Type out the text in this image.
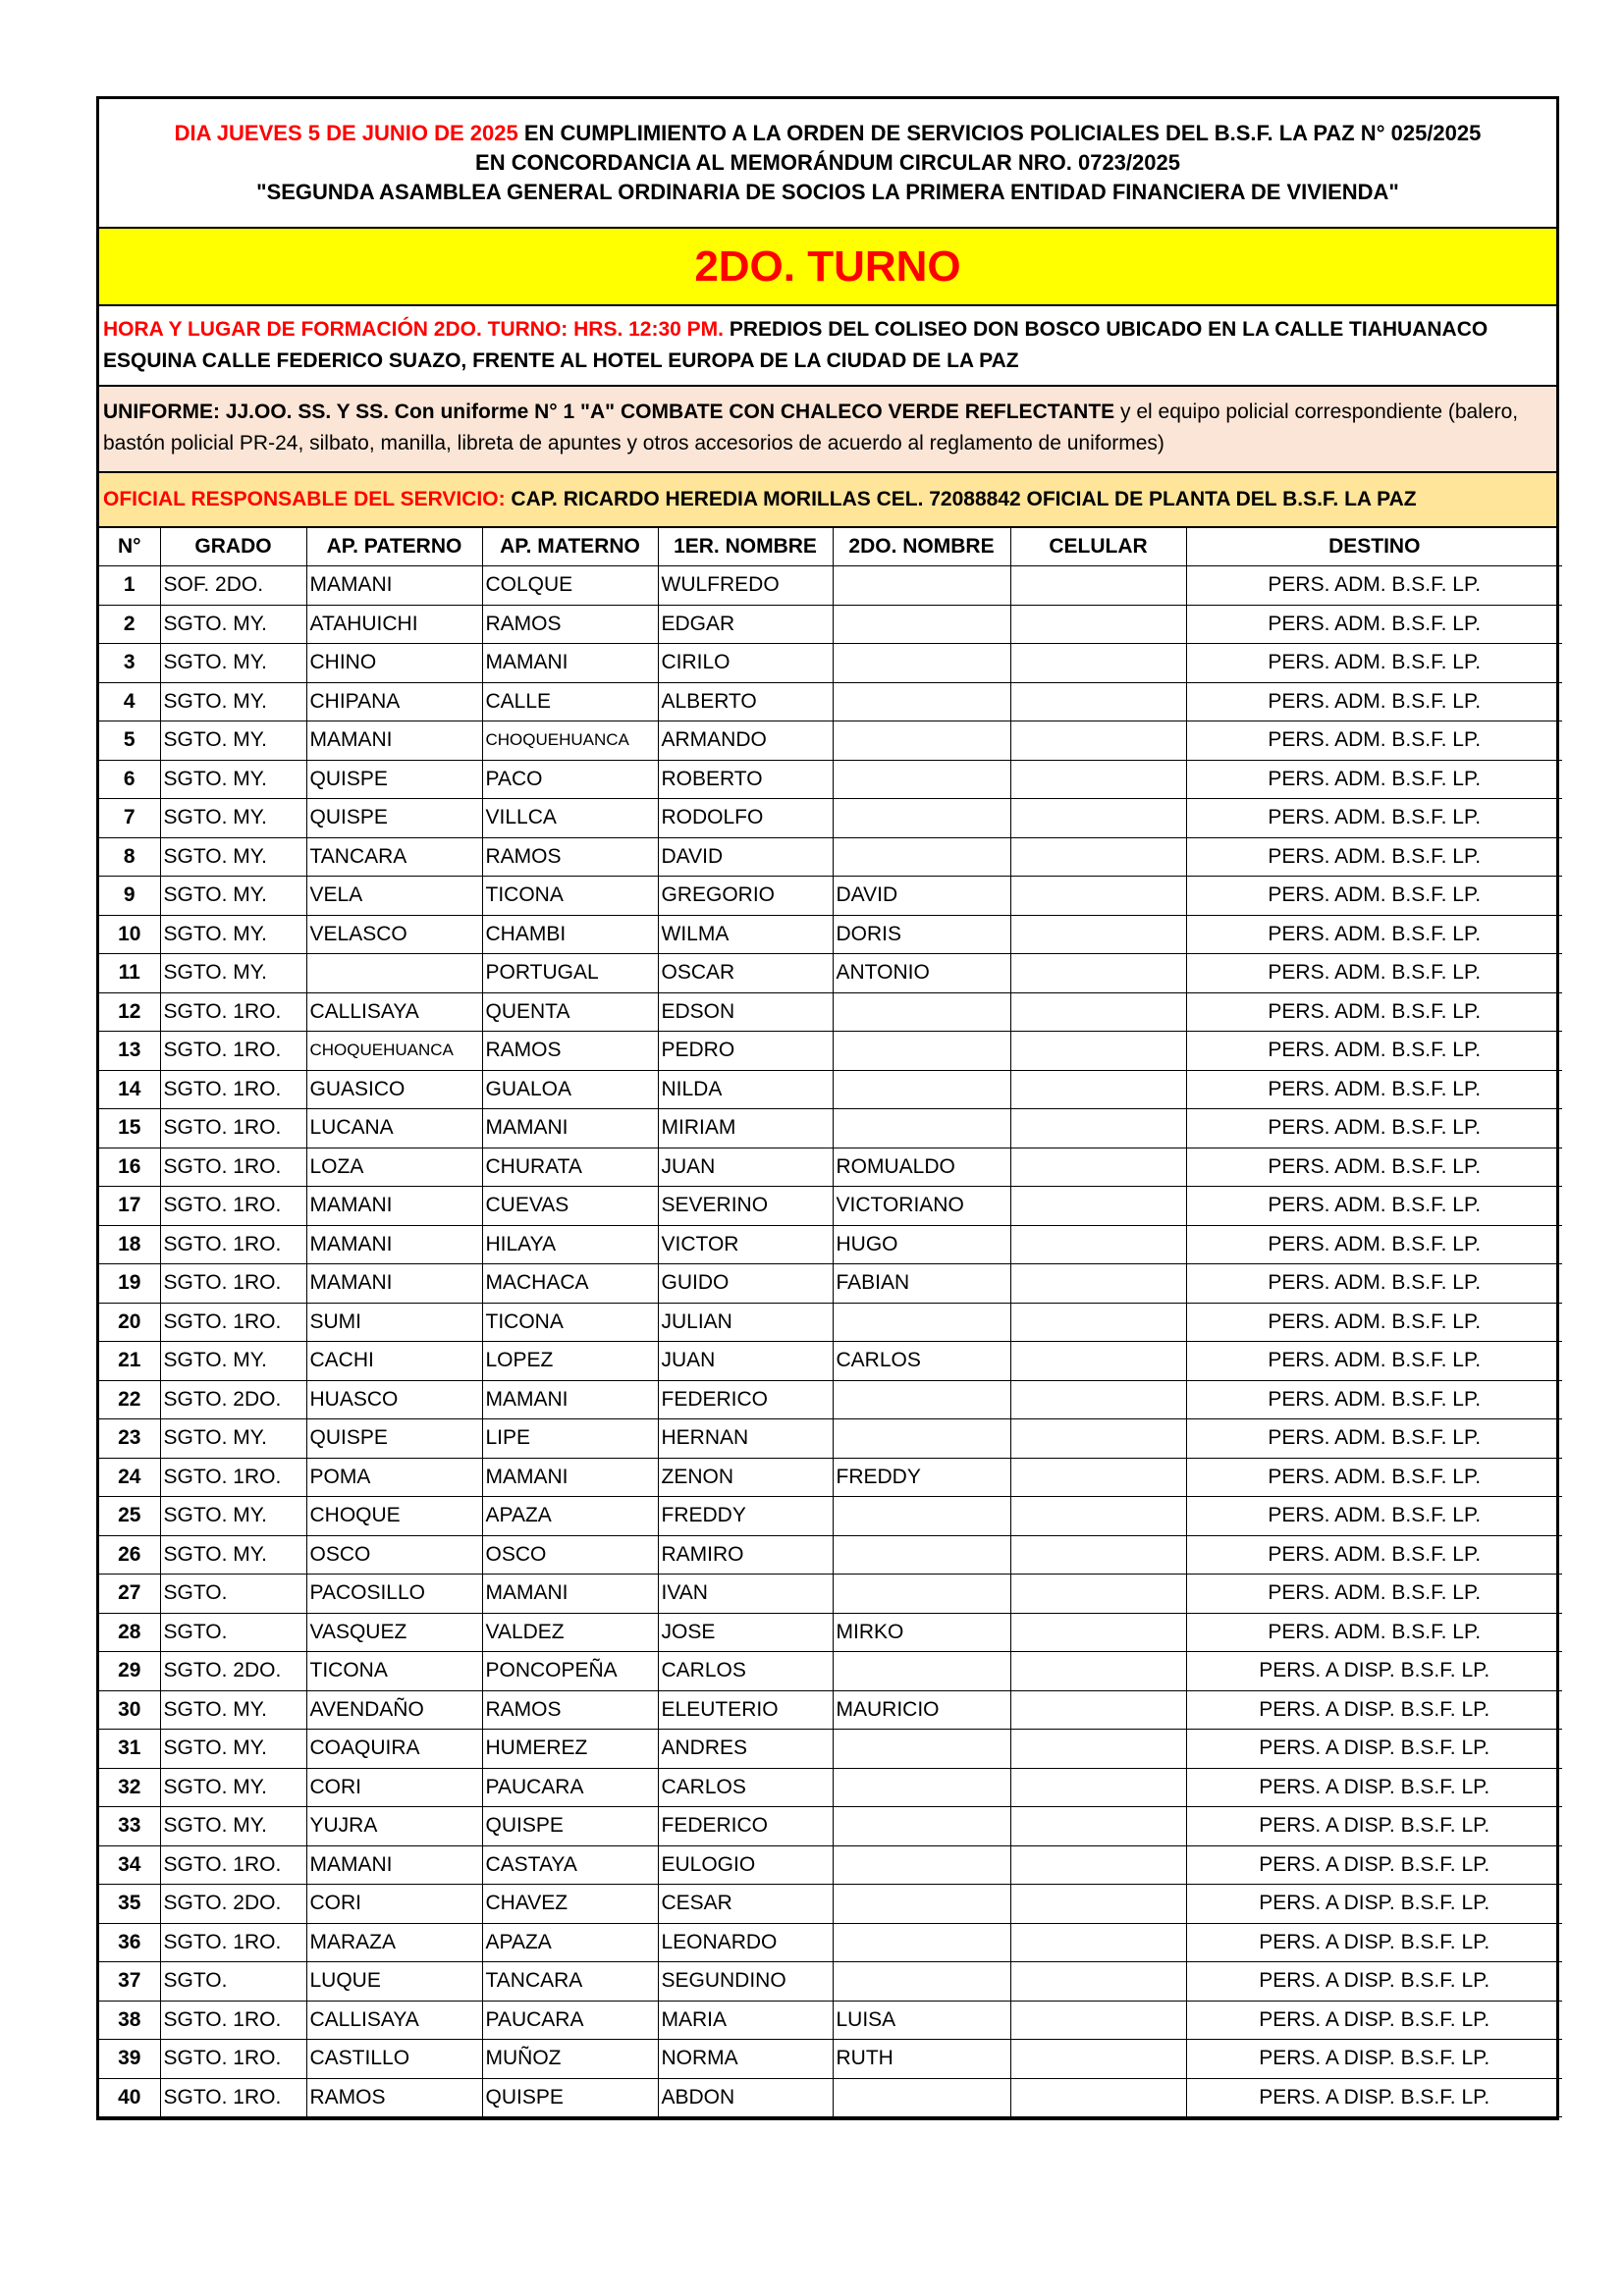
DIA JUEVES 5 DE JUNIO DE 2025 EN CUMPLIMIENTO A LA ORDEN DE SERVICIOS POLICIALES DEL B.S.F. LA PAZ N° 025/2025
EN CONCORDANCIA AL MEMORÁNDUM CIRCULAR NRO. 0723/2025
"SEGUNDA ASAMBLEA GENERAL ORDINARIA DE SOCIOS LA PRIMERA ENTIDAD FINANCIERA DE VIVIENDA"
2DO. TURNO
HORA Y LUGAR DE FORMACIÓN 2DO. TURNO: HRS. 12:30 PM. PREDIOS DEL COLISEO DON BOSCO UBICADO EN LA CALLE TIAHUANACO ESQUINA CALLE FEDERICO SUAZO, FRENTE AL HOTEL EUROPA DE LA CIUDAD DE LA PAZ
UNIFORME: JJ.OO. SS. Y SS. Con uniforme N° 1 "A" COMBATE CON CHALECO VERDE REFLECTANTE y el equipo policial correspondiente (balero, bastón policial PR-24, silbato, manilla, libreta de apuntes y otros accesorios de acuerdo al reglamento de uniformes)
OFICIAL RESPONSABLE DEL SERVICIO: CAP. RICARDO HEREDIA MORILLAS CEL. 72088842 OFICIAL DE PLANTA DEL B.S.F. LA PAZ
N°	GRADO	AP. PATERNO	AP. MATERNO	1ER. NOMBRE	2DO. NOMBRE	CELULAR	DESTINO
1	SOF. 2DO.	MAMANI	COLQUE	WULFREDO			PERS. ADM. B.S.F. LP.
2	SGTO. MY.	ATAHUICHI	RAMOS	EDGAR			PERS. ADM. B.S.F. LP.
3	SGTO. MY.	CHINO	MAMANI	CIRILO			PERS. ADM. B.S.F. LP.
4	SGTO. MY.	CHIPANA	CALLE	ALBERTO			PERS. ADM. B.S.F. LP.
5	SGTO. MY.	MAMANI	CHOQUEHUANCA	ARMANDO			PERS. ADM. B.S.F. LP.
6	SGTO. MY.	QUISPE	PACO	ROBERTO			PERS. ADM. B.S.F. LP.
7	SGTO. MY.	QUISPE	VILLCA	RODOLFO			PERS. ADM. B.S.F. LP.
8	SGTO. MY.	TANCARA	RAMOS	DAVID			PERS. ADM. B.S.F. LP.
9	SGTO. MY.	VELA	TICONA	GREGORIO	DAVID		PERS. ADM. B.S.F. LP.
10	SGTO. MY.	VELASCO	CHAMBI	WILMA	DORIS		PERS. ADM. B.S.F. LP.
11	SGTO. MY.		PORTUGAL	OSCAR	ANTONIO		PERS. ADM. B.S.F. LP.
12	SGTO. 1RO.	CALLISAYA	QUENTA	EDSON			PERS. ADM. B.S.F. LP.
13	SGTO. 1RO.	CHOQUEHUANCA	RAMOS	PEDRO			PERS. ADM. B.S.F. LP.
14	SGTO. 1RO.	GUASICO	GUALOA	NILDA			PERS. ADM. B.S.F. LP.
15	SGTO. 1RO.	LUCANA	MAMANI	MIRIAM			PERS. ADM. B.S.F. LP.
16	SGTO. 1RO.	LOZA	CHURATA	JUAN	ROMUALDO		PERS. ADM. B.S.F. LP.
17	SGTO. 1RO.	MAMANI	CUEVAS	SEVERINO	VICTORIANO		PERS. ADM. B.S.F. LP.
18	SGTO. 1RO.	MAMANI	HILAYA	VICTOR	HUGO		PERS. ADM. B.S.F. LP.
19	SGTO. 1RO.	MAMANI	MACHACA	GUIDO	FABIAN		PERS. ADM. B.S.F. LP.
20	SGTO. 1RO.	SUMI	TICONA	JULIAN			PERS. ADM. B.S.F. LP.
21	SGTO. MY.	CACHI	LOPEZ	JUAN	CARLOS		PERS. ADM. B.S.F. LP.
22	SGTO. 2DO.	HUASCO	MAMANI	FEDERICO			PERS. ADM. B.S.F. LP.
23	SGTO. MY.	QUISPE	LIPE	HERNAN			PERS. ADM. B.S.F. LP.
24	SGTO. 1RO.	POMA	MAMANI	ZENON	FREDDY		PERS. ADM. B.S.F. LP.
25	SGTO. MY.	CHOQUE	APAZA	FREDDY			PERS. ADM. B.S.F. LP.
26	SGTO. MY.	OSCO	OSCO	RAMIRO			PERS. ADM. B.S.F. LP.
27	SGTO.	PACOSILLO	MAMANI	IVAN			PERS. ADM. B.S.F. LP.
28	SGTO.	VASQUEZ	VALDEZ	JOSE	MIRKO		PERS. ADM. B.S.F. LP.
29	SGTO. 2DO.	TICONA	PONCOPEÑA	CARLOS			PERS. A DISP. B.S.F. LP.
30	SGTO. MY.	AVENDAÑO	RAMOS	ELEUTERIO	MAURICIO		PERS. A DISP. B.S.F. LP.
31	SGTO. MY.	COAQUIRA	HUMEREZ	ANDRES			PERS. A DISP. B.S.F. LP.
32	SGTO. MY.	CORI	PAUCARA	CARLOS			PERS. A DISP. B.S.F. LP.
33	SGTO. MY.	YUJRA	QUISPE	FEDERICO			PERS. A DISP. B.S.F. LP.
34	SGTO. 1RO.	MAMANI	CASTAYA	EULOGIO			PERS. A DISP. B.S.F. LP.
35	SGTO. 2DO.	CORI	CHAVEZ	CESAR			PERS. A DISP. B.S.F. LP.
36	SGTO. 1RO.	MARAZA	APAZA	LEONARDO			PERS. A DISP. B.S.F. LP.
37	SGTO.	LUQUE	TANCARA	SEGUNDINO			PERS. A DISP. B.S.F. LP.
38	SGTO. 1RO.	CALLISAYA	PAUCARA	MARIA	LUISA		PERS. A DISP. B.S.F. LP.
39	SGTO. 1RO.	CASTILLO	MUÑOZ	NORMA	RUTH		PERS. A DISP. B.S.F. LP.
40	SGTO. 1RO.	RAMOS	QUISPE	ABDON			PERS. A DISP. B.S.F. LP.
